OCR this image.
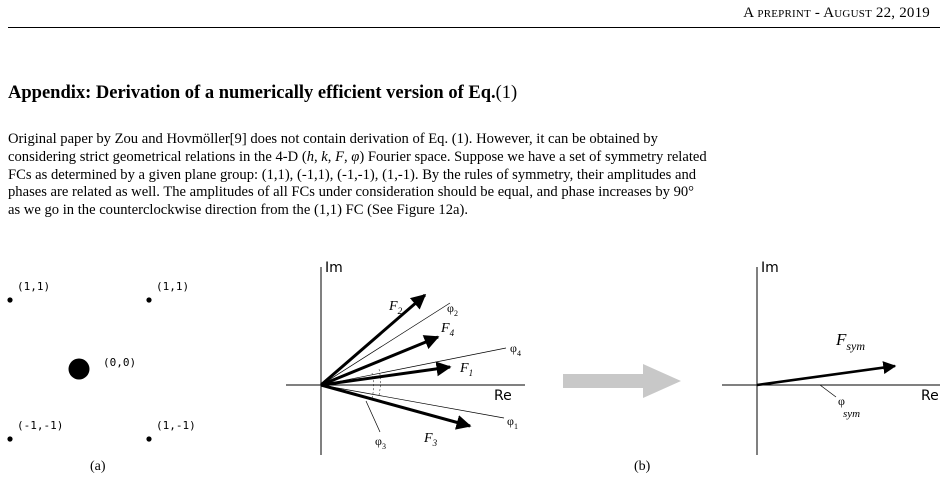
A preprint - August 22, 2019
Appendix: Derivation of a numerically efficient version of Eq.(1)
Original paper by Zou and Hovmöller[9] does not contain derivation of Eq. (1). However, it can be obtained by
considering strict geometrical relations in the 4-D (h, k, F, φ) Fourier space. Suppose we have a set of symmetry related
FCs as determined by a given plane group: (1,1), (-1,1), (-1,-1), (1,-1). By the rules of symmetry, their amplitudes and
phases are related as well. The amplitudes of all FCs under consideration should be equal, and phase increases by 90°
as we go in the counterclockwise direction from the (1,1) FC (See Figure 12a).
(1,1)	(1,1)
(0,0)
(-1,-1)	(1,-1)
(a)
Im
Re
$F_2$
$F_4$
$F_1$
$F_3$
$\varphi_2$
$\varphi_4$
$\varphi_1$
$\varphi_3$
Im
Re
$F_{sym}$
φ sym
(b)
